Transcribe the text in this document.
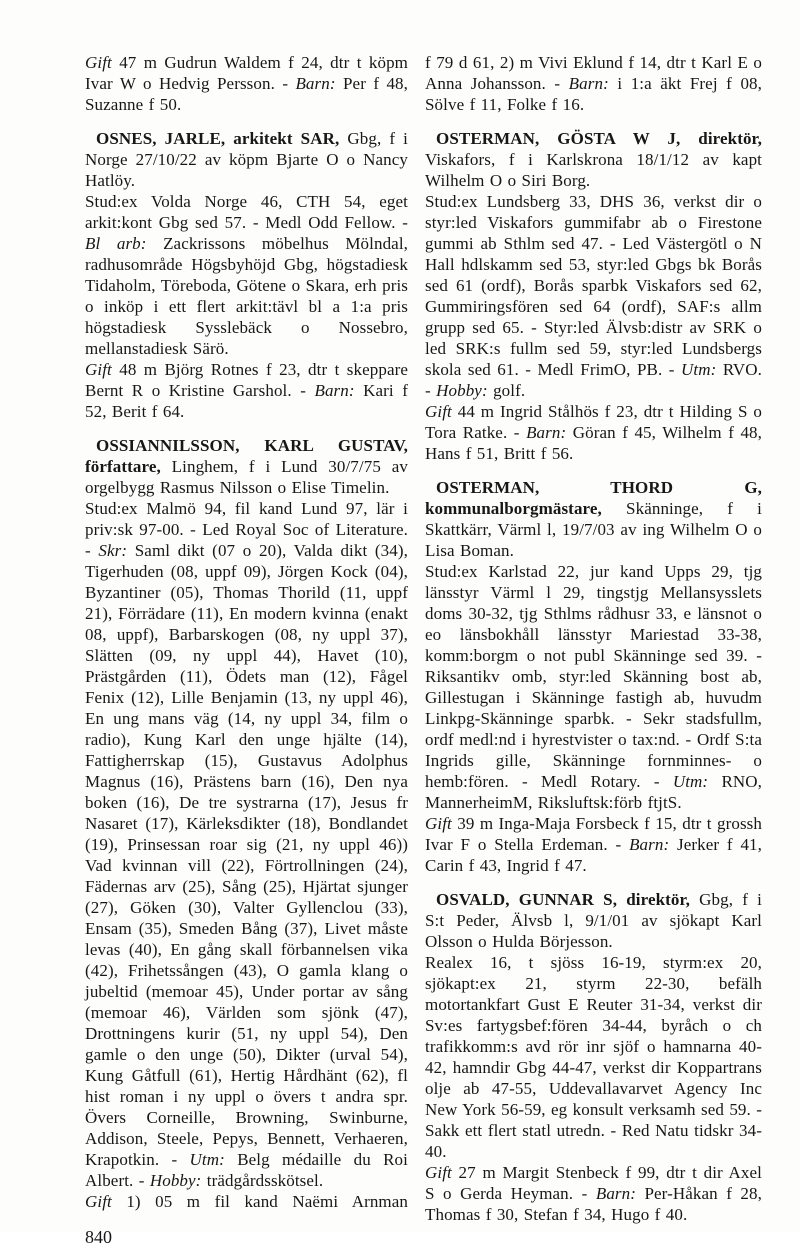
Gift 47 m Gudrun Waldem f 24, dtr t köpm Ivar W o Hedvig Persson. - Barn: Per f 48, Suzanne f 50.

OSNES, JARLE, arkitekt SAR, Gbg, f i Norge 27/10/22 av köpm Bjarte O o Nancy Hatlöy.

Stud:ex Volda Norge 46, CTH 54, eget arkit:kont Gbg sed 57. - Medl Odd Fellow. - Bl arb: Zackrissons möbelhus Mölndal, radhusområde Högsbyhöjd Gbg, högstadiesk Tidaholm, Töreboda, Götene o Skara, erh pris o inköp i ett flert arkit:tävl bl a 1:a pris högstadiesk Sysslebäck o Nossebro, mellanstadiesk Särö.

Gift 48 m Björg Rotnes f 23, dtr t skeppare Bernt R o Kristine Garshol. - Barn: Kari f 52, Berit f 64.

OSSIANNILSSON, KARL GUSTAV, författare, Linghem, f i Lund 30/7/75 av orgelbygg Rasmus Nilsson o Elise Timelin.

Stud:ex Malmö 94, fil kand Lund 97, lär i priv:sk 97-00. - Led Royal Soc of Literature. - Skr: Saml dikt (07 o 20), Valda dikt (34), Tigerhuden (08, uppf 09), Jörgen Kock (04), Byzantiner (05), Thomas Thorild (11, uppf 21), Förrädare (11), En modern kvinna (enakt 08, uppf), Barbarskogen (08, ny uppl 37), Slätten (09, ny uppl 44), Havet (10), Prästgården (11), Ödets man (12), Fågel Fenix (12), Lille Benjamin (13, ny uppl 46), En ung mans väg (14, ny uppl 34, film o radio), Kung Karl den unge hjälte (14), Fattigherrskap (15), Gustavus Adolphus Magnus (16), Prästens barn (16), Den nya boken (16), De tre systrarna (17), Jesus fr Nasaret (17), Kärleksdikter (18), Bondlandet (19), Prinsessan roar sig (21, ny uppl 46)) Vad kvinnan vill (22), Förtrollningen (24), Fädernas arv (25), Sång (25), Hjärtat sjunger (27), Göken (30), Valter Gyllenclou (33), Ensam (35), Smeden Bång (37), Livet måste levas (40), En gång skall förbannelsen vika (42), Frihetssången (43), O gamla klang o jubeltid (memoar 45), Under portar av sång (memoar 46), Världen som sjönk (47), Drottningens kurir (51, ny uppl 54), Den gamle o den unge (50), Dikter (urval 54), Kung Gåtfull (61), Hertig Hårdhänt (62), fl hist roman i ny uppl o övers t andra spr. Övers Corneille, Browning, Swinburne, Addison, Steele, Pepys, Bennett, Verhaeren, Krapotkin. - Utm: Belg médaille du Roi Albert. - Hobby: trädgårdsskötsel.

Gift 1) 05 m fil kand Naëmi Arnman

840

f 79 d 61, 2) m Vivi Eklund f 14, dtr t Karl E o Anna Johansson. - Barn: i 1:a äkt Frej f 08, Sölve f 11, Folke f 16.

OSTERMAN, GÖSTA W J, direktör, Viskafors, f i Karlskrona 18/1/12 av kapt Wilhelm O o Siri Borg.

Stud:ex Lundsberg 33, DHS 36, verkst dir o styr:led Viskafors gummifabr ab o Firestone gummi ab Sthlm sed 47. - Led Västergötl o N Hall hdlskamm sed 53, styr:led Gbgs bk Borås sed 61 (ordf), Borås sparbk Viskafors sed 62, Gummiringsfören sed 64 (ordf), SAF:s allm grupp sed 65. - Styr:led Älvsb:distr av SRK o led SRK:s fullm sed 59, styr:led Lundsbergs skola sed 61. - Medl FrimO, PB. - Utm: RVO. - Hobby: golf.

Gift 44 m Ingrid Stålhös f 23, dtr t Hilding S o Tora Ratke. - Barn: Göran f 45, Wilhelm f 48, Hans f 51, Britt f 56.

OSTERMAN, THORD G, kommunalborgmästare, Skänninge, f i Skattkärr, Värml l, 19/7/03 av ing Wilhelm O o Lisa Boman.

Stud:ex Karlstad 22, jur kand Upps 29, tjg länsstyr Värml l 29, tingstjg Mellansysslets doms 30-32, tjg Sthlms rådhusr 33, e länsnot o eo länsbokhåll länsstyr Mariestad 33-38, komm:borgm o not publ Skänninge sed 39. - Riksantikv omb, styr:led Skänning bost ab, Gillestugan i Skänninge fastigh ab, huvudm Linkpg-Skänninge sparbk. - Sekr stadsfullm, ordf medl:nd i hyrestvister o tax:nd. - Ordf S:ta Ingrids gille, Skänninge fornminnes- o hemb:fören. - Medl Rotary. - Utm: RNO, MannerheimM, Riksluftsk:förb ftjtS.

Gift 39 m Inga-Maja Forsbeck f 15, dtr t grossh Ivar F o Stella Erdeman. - Barn: Jerker f 41, Carin f 43, Ingrid f 47.

OSVALD, GUNNAR S, direktör, Gbg, f i S:t Peder, Älvsb l, 9/1/01 av sjökapt Karl Olsson o Hulda Börjesson.

Realex 16, t sjöss 16-19, styrm:ex 20, sjökapt:ex 21, styrm 22-30, befälh motortankfart Gust E Reuter 31-34, verkst dir Sv:es fartygsbef:fören 34-44, byråch o ch trafikkomm:s avd rör inr sjöf o hamnarna 40-42, hamndir Gbg 44-47, verkst dir Koppartrans olje ab 47-55, Uddevallavarvet Agency Inc New York 56-59, eg konsult verksamh sed 59. - Sakk ett flert statl utredn. - Red Natu tidskr 34-40.

Gift 27 m Margit Stenbeck f 99, dtr t dir Axel S o Gerda Heyman. - Barn: Per-Håkan f 28, Thomas f 30, Stefan f 34, Hugo f 40.
